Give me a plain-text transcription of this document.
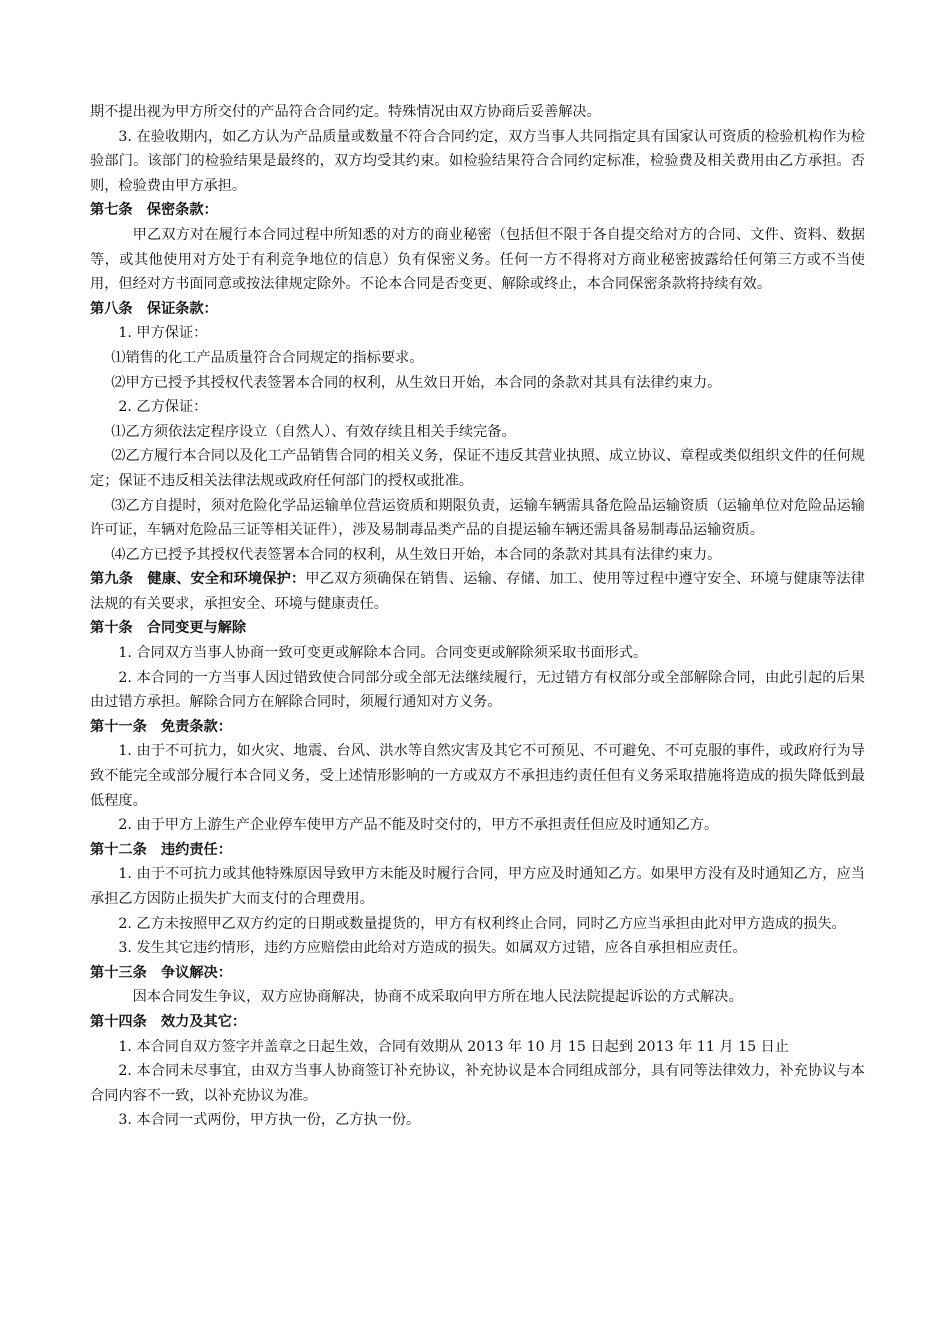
期不提出视为甲方所交付的产品符合合同约定。特殊情况由双方协商后妥善解决。

3. 在验收期内，如乙方认为产品质量或数量不符合合同约定，双方当事人共同指定具有国家认可资质的检验机构作为检验部门。该部门的检验结果是最终的，双方均受其约束。如检验结果符合合同约定标准，检验费及相关费用由乙方承担。否则，检验费由甲方承担。

第七条　保密条款：

甲乙双方对在履行本合同过程中所知悉的对方的商业秘密（包括但不限于各自提交给对方的合同、文件、资料、数据等，或其他使用对方处于有利竞争地位的信息）负有保密义务。任何一方不得将对方商业秘密披露给任何第三方或不当使用，但经对方书面同意或按法律规定除外。不论本合同是否变更、解除或终止，本合同保密条款将持续有效。

第八条　保证条款：

1. 甲方保证：

⑴销售的化工产品质量符合合同规定的指标要求。

⑵甲方已授予其授权代表签署本合同的权利，从生效日开始，本合同的条款对其具有法律约束力。

2. 乙方保证：

⑴乙方须依法定程序设立（自然人）、有效存续且相关手续完备。

⑵乙方履行本合同以及化工产品销售合同的相关义务，保证不违反其营业执照、成立协议、章程或类似组织文件的任何规定；保证不违反相关法律法规或政府任何部门的授权或批准。

⑶乙方自提时，须对危险化学品运输单位营运资质和期限负责，运输车辆需具备危险品运输资质（运输单位对危险品运输许可证，车辆对危险品三证等相关证件），涉及易制毒品类产品的自提运输车辆还需具备易制毒品运输资质。

⑷乙方已授予其授权代表签署本合同的权利，从生效日开始，本合同的条款对其具有法律约束力。

第九条　健康、安全和环境保护：甲乙双方须确保在销售、运输、存储、加工、使用等过程中遵守安全、环境与健康等法律法规的有关要求，承担安全、环境与健康责任。

第十条　合同变更与解除

1. 合同双方当事人协商一致可变更或解除本合同。合同变更或解除须采取书面形式。

2. 本合同的一方当事人因过错致使合同部分或全部无法继续履行，无过错方有权部分或全部解除合同，由此引起的后果由过错方承担。解除合同方在解除合同时，须履行通知对方义务。

第十一条　免责条款：

1. 由于不可抗力，如火灾、地震、台风、洪水等自然灾害及其它不可预见、不可避免、不可克服的事件，或政府行为导致不能完全或部分履行本合同义务，受上述情形影响的一方或双方不承担违约责任但有义务采取措施将造成的损失降低到最低程度。

2. 由于甲方上游生产企业停车使甲方产品不能及时交付的，甲方不承担责任但应及时通知乙方。

第十二条　违约责任：

1. 由于不可抗力或其他特殊原因导致甲方未能及时履行合同，甲方应及时通知乙方。如果甲方没有及时通知乙方，应当承担乙方因防止损失扩大而支付的合理费用。

2. 乙方未按照甲乙双方约定的日期或数量提货的，甲方有权利终止合同，同时乙方应当承担由此对甲方造成的损失。

3. 发生其它违约情形，违约方应赔偿由此给对方造成的损失。如属双方过错，应各自承担相应责任。

第十三条　争议解决：

因本合同发生争议，双方应协商解决，协商不成采取向甲方所在地人民法院提起诉讼的方式解决。

第十四条　效力及其它：

1. 本合同自双方签字并盖章之日起生效，合同有效期从 2013 年 10 月 15 日起到 2013 年 11 月 15 日止

2. 本合同未尽事宜，由双方当事人协商签订补充协议，补充协议是本合同组成部分，具有同等法律效力，补充协议与本合同内容不一致，以补充协议为准。

3. 本合同一式两份，甲方执一份，乙方执一份。
